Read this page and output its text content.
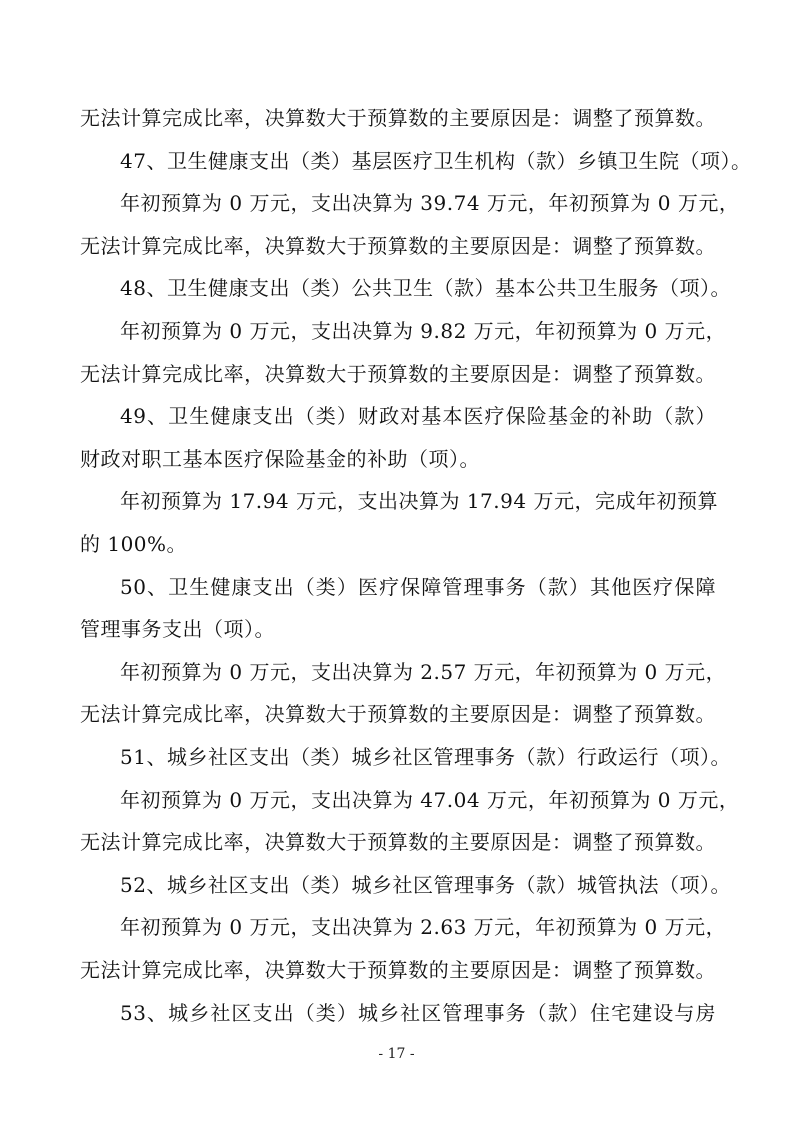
无法计算完成比率，决算数大于预算数的主要原因是：调整了预算数。
47、卫生健康支出（类）基层医疗卫生机构（款）乡镇卫生院（项）。
年初预算为 0 万元，支出决算为 39.74 万元，年初预算为 0 万元，
无法计算完成比率，决算数大于预算数的主要原因是：调整了预算数。
48、卫生健康支出（类）公共卫生（款）基本公共卫生服务（项）。
年初预算为 0 万元，支出决算为 9.82 万元，年初预算为 0 万元，
无法计算完成比率，决算数大于预算数的主要原因是：调整了预算数。
49、卫生健康支出（类）财政对基本医疗保险基金的补助（款）
财政对职工基本医疗保险基金的补助（项）。
年初预算为 17.94 万元，支出决算为 17.94 万元，完成年初预算
的 100%。
50、卫生健康支出（类）医疗保障管理事务（款）其他医疗保障
管理事务支出（项）。
年初预算为 0 万元，支出决算为 2.57 万元，年初预算为 0 万元，
无法计算完成比率，决算数大于预算数的主要原因是：调整了预算数。
51、城乡社区支出（类）城乡社区管理事务（款）行政运行（项）。
年初预算为 0 万元，支出决算为 47.04 万元，年初预算为 0 万元，
无法计算完成比率，决算数大于预算数的主要原因是：调整了预算数。
52、城乡社区支出（类）城乡社区管理事务（款）城管执法（项）。
年初预算为 0 万元，支出决算为 2.63 万元，年初预算为 0 万元，
无法计算完成比率，决算数大于预算数的主要原因是：调整了预算数。
53、城乡社区支出（类）城乡社区管理事务（款）住宅建设与房
- 17 -
